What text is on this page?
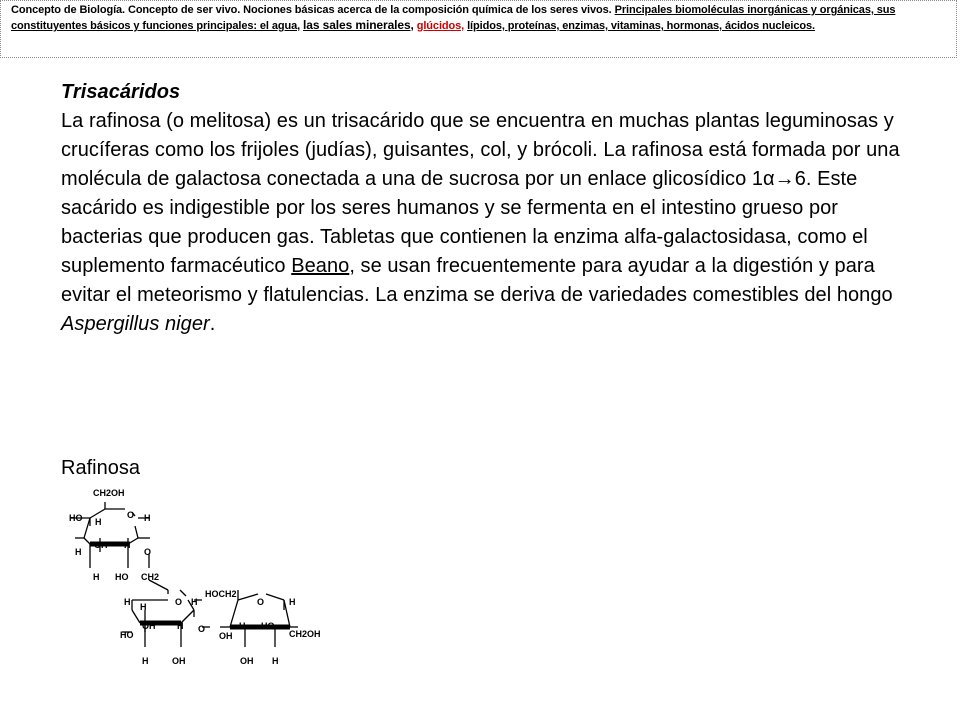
Concepto de Biología. Concepto de ser vivo. Nociones básicas acerca de la composición química de los seres vivos. Principales biomoléculas inorgánicas y orgánicas, sus constituyentes básicos y funciones principales: el agua, las sales minerales, glúcidos, lípidos, proteínas, enzimas, vitaminas, hormonas, ácidos nucleicos.
Trisacáridos

La rafinosa (o melitosa) es un trisacárido que se encuentra en muchas plantas leguminosas y crucíferas como los frijoles (judías), guisantes, col, y brócoli. La rafinosa está formada por una molécula de galactosa conectada a una de sucrosa por un enlace glicosídico 1α→6. Este sacárido es indigestible por los seres humanos y se fermenta en el intestino grueso por bacterias que producen gas. Tabletas que contienen la enzima alfa-galactosidasa, como el suplemento farmacéutico Beano, se usan frecuentemente para ayudar a la digestión y para evitar el meteorismo y flatulencias. La enzima se deriva de variedades comestibles del hongo Aspergillus niger.

Rafinosa
CH2OH
HO H
O H
OH H
H	O
H HO CH2
H H	O H
HO
OH H O
H	OH
HOCH2
O	H
H HO
CH2OH
OH
OH H
